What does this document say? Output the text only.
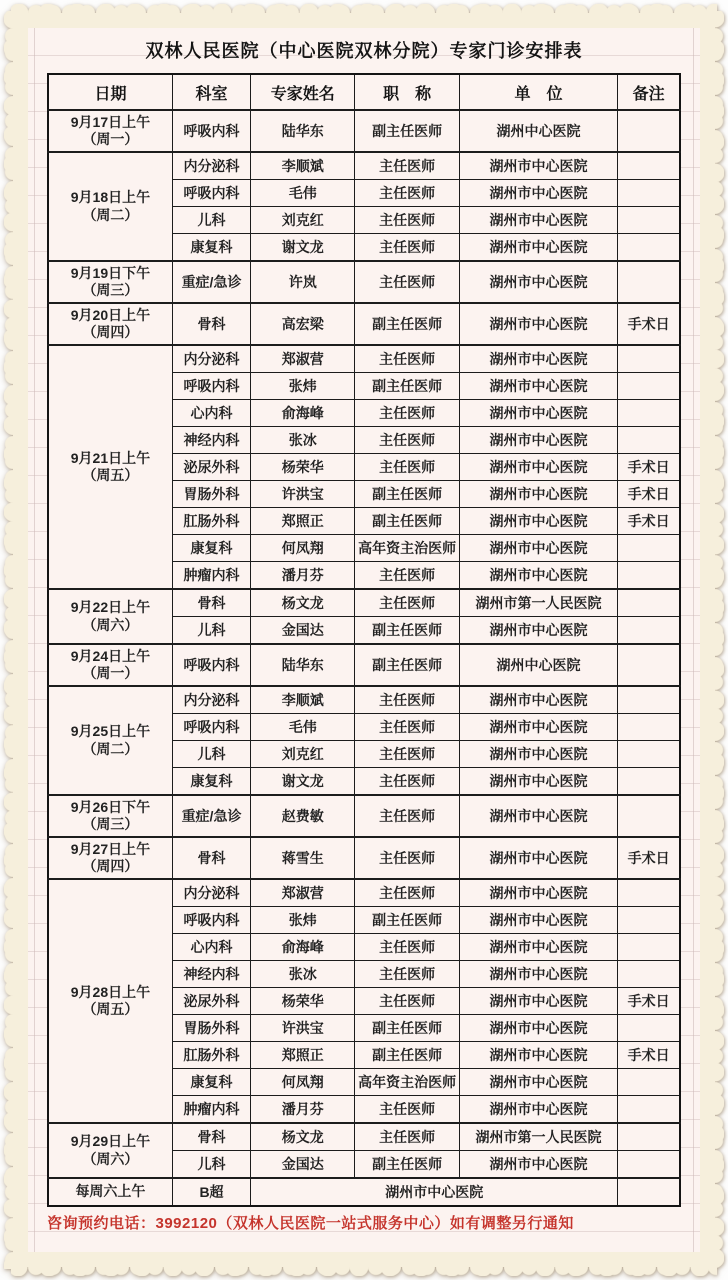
双林人民医院（中心医院双林分院）专家门诊安排表
日期	科室	专家姓名	职　称	单　位	备注

9月17日上午
（周一）	呼吸内科	陆华东	副主任医师	湖州中心医院	

9月18日上午
（周二）	内分泌科	李顺斌	主任医师	湖州市中心医院	
	呼吸内科	毛伟	主任医师	湖州市中心医院	
	儿科	刘克红	主任医师	湖州市中心医院	
	康复科	谢文龙	主任医师	湖州市中心医院	

9月19日下午
（周三）	重症/急诊	许岚	主任医师	湖州市中心医院	

9月20日上午
（周四）	骨科	高宏梁	副主任医师	湖州市中心医院	手术日

9月21日上午
（周五）	内分泌科	郑淑营	主任医师	湖州市中心医院	
	呼吸内科	张炜	副主任医师	湖州市中心医院	
	心内科	俞海峰	主任医师	湖州市中心医院	
	神经内科	张冰	主任医师	湖州市中心医院	
	泌尿外科	杨荣华	主任医师	湖州市中心医院	手术日
	胃肠外科	许洪宝	副主任医师	湖州市中心医院	手术日
	肛肠外科	郑照正	副主任医师	湖州市中心医院	手术日
	康复科	何凤翔	高年资主治医师	湖州市中心医院	
	肿瘤内科	潘月芬	主任医师	湖州市中心医院	

9月22日上午
（周六）	骨科	杨文龙	主任医师	湖州市第一人民医院	
	儿科	金国达	副主任医师	湖州市中心医院	

9月24日上午
（周一）	呼吸内科	陆华东	副主任医师	湖州中心医院	

9月25日上午
（周二）	内分泌科	李顺斌	主任医师	湖州市中心医院	
	呼吸内科	毛伟	主任医师	湖州市中心医院	
	儿科	刘克红	主任医师	湖州市中心医院	
	康复科	谢文龙	主任医师	湖州市中心医院	

9月26日下午
（周三）	重症/急诊	赵费敏	主任医师	湖州市中心医院	

9月27日上午
（周四）	骨科	蒋雪生	主任医师	湖州市中心医院	手术日

9月28日上午
（周五）	内分泌科	郑淑营	主任医师	湖州市中心医院	
	呼吸内科	张炜	副主任医师	湖州市中心医院	
	心内科	俞海峰	主任医师	湖州市中心医院	
	神经内科	张冰	主任医师	湖州市中心医院	
	泌尿外科	杨荣华	主任医师	湖州市中心医院	手术日
	胃肠外科	许洪宝	副主任医师	湖州市中心医院	
	肛肠外科	郑照正	副主任医师	湖州市中心医院	手术日
	康复科	何凤翔	高年资主治医师	湖州市中心医院	
	肿瘤内科	潘月芬	主任医师	湖州市中心医院	

9月29日上午
（周六）	骨科	杨文龙	主任医师	湖州市第一人民医院	
	儿科	金国达	副主任医师	湖州市中心医院	

每周六上午	B超	湖州市中心医院			
咨询预约电话：3992120（双林人民医院一站式服务中心）如有调整另行通知
